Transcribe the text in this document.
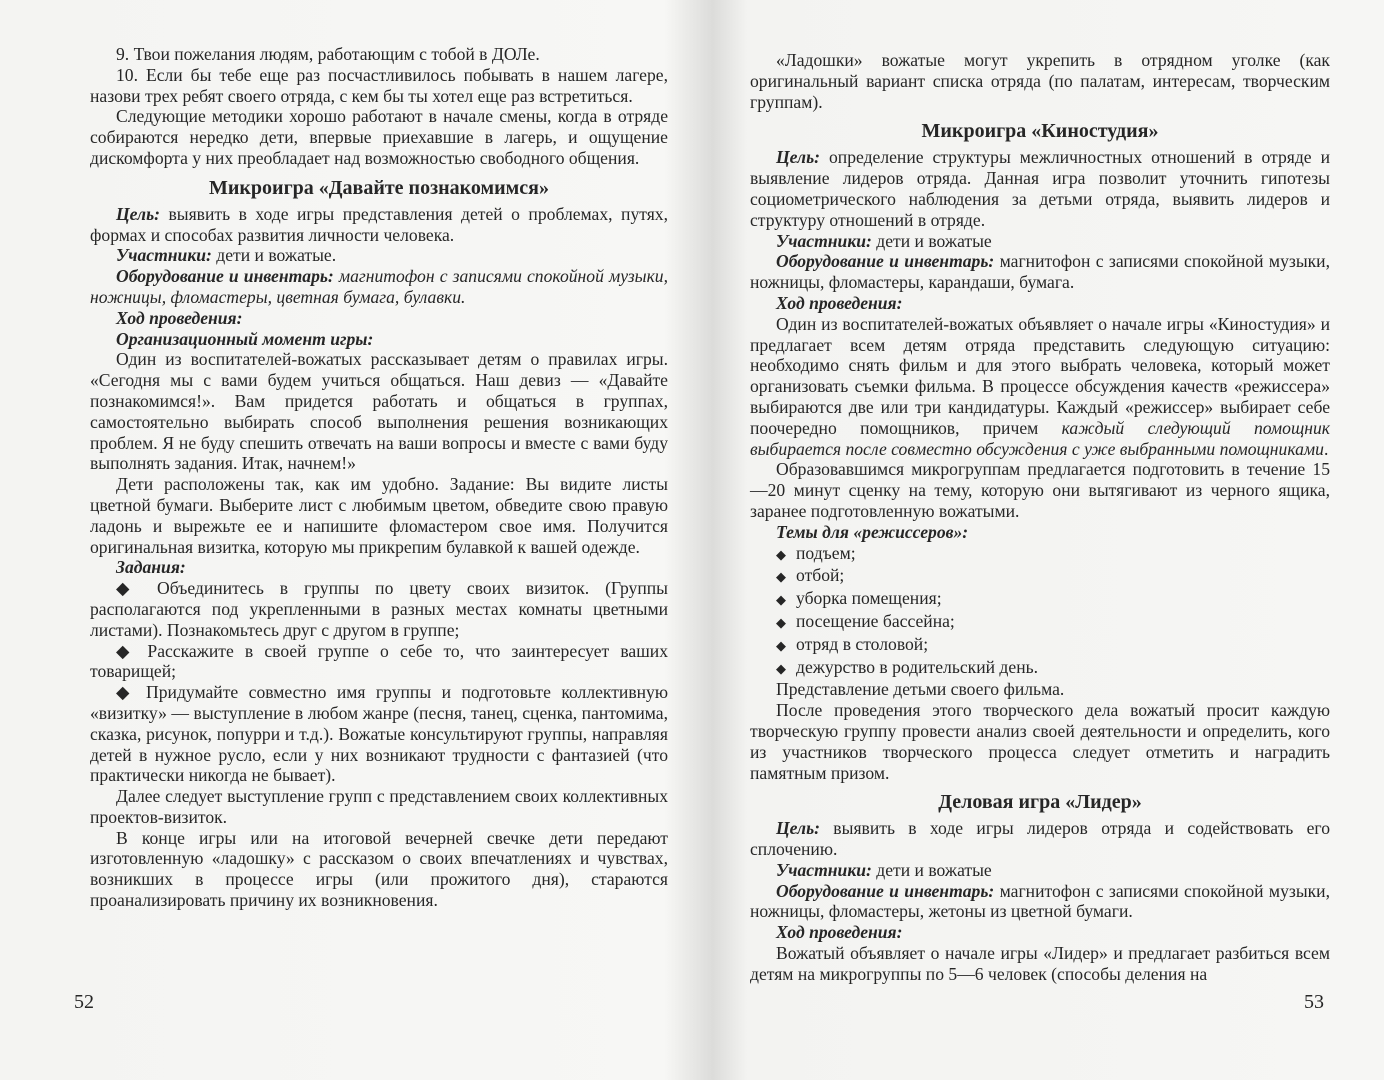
9. Твои пожелания людям, работающим с тобой в ДОЛе.

10. Если бы тебе еще раз посчастливилось побывать в нашем лагере, назови трех ребят своего отряда, с кем бы ты хотел еще раз встретиться.

Следующие методики хорошо работают в начале смены, когда в отряде собираются нередко дети, впервые приехавшие в лагерь, и ощущение дискомфорта у них преобладает над возможностью свободного общения.

Микроигра «Давайте познакомимся»

Цель: выявить в ходе игры представления детей о проблемах, путях, формах и способах развития личности человека.

Участники: дети и вожатые.

Оборудование и инвентарь: магнитофон с записями спокойной музыки, ножницы, фломастеры, цветная бумага, булавки.

Ход проведения:

Организационный момент игры:

Один из воспитателей-вожатых рассказывает детям о правилах игры. «Сегодня мы с вами будем учиться общаться. Наш девиз — «Давайте познакомимся!». Вам придется работать и общаться в группах, самостоятельно выбирать способ выполнения решения возникающих проблем. Я не буду спешить отвечать на ваши вопросы и вместе с вами буду выполнять задания. Итак, начнем!»

Дети расположены так, как им удобно. Задание: Вы видите листы цветной бумаги. Выберите лист с любимым цветом, обведите свою правую ладонь и вырежьте ее и напишите фломастером свое имя. Получится оригинальная визитка, которую мы прикрепим булавкой к вашей одежде.

Задания:

◆ Объединитесь в группы по цвету своих визиток. (Группы располагаются под укрепленными в разных местах комнаты цветными листами). Познакомьтесь друг с другом в группе;

◆ Расскажите в своей группе о себе то, что заинтересует ваших товарищей;

◆ Придумайте совместно имя группы и подготовьте коллективную «визитку» — выступление в любом жанре (песня, танец, сценка, пантомима, сказка, рисунок, попурри и т.д.). Вожатые консультируют группы, направляя детей в нужное русло, если у них возникают трудности с фантазией (что практически никогда не бывает).

Далее следует выступление групп с представлением своих коллективных проектов-визиток.

В конце игры или на итоговой вечерней свечке дети передают изготовленную «ладошку» с рассказом о своих впечатлениях и чувствах, возникших в процессе игры (или прожитого дня), стараются проанализировать причину их возникновения.

52

«Ладошки» вожатые могут укрепить в отрядном уголке (как оригинальный вариант списка отряда (по палатам, интересам, творческим группам).

Микроигра «Киностудия»

Цель: определение структуры межличностных отношений в отряде и выявление лидеров отряда. Данная игра позволит уточнить гипотезы социометрического наблюдения за детьми отряда, выявить лидеров и структуру отношений в отряде.

Участники: дети и вожатые

Оборудование и инвентарь: магнитофон с записями спокойной музыки, ножницы, фломастеры, карандаши, бумага.

Ход проведения:

Один из воспитателей-вожатых объявляет о начале игры «Киностудия» и предлагает всем детям отряда представить следующую ситуацию: необходимо снять фильм и для этого выбрать человека, который может организовать съемки фильма. В процессе обсуждения качеств «режиссера» выбираются две или три кандидатуры. Каждый «режиссер» выбирает себе поочередно помощников, причем каждый следующий помощник выбирается после совместно обсуждения с уже выбранными помощниками.

Образовавшимся микрогруппам предлагается подготовить в течение 15—20 минут сценку на тему, которую они вытягивают из черного ящика, заранее подготовленную вожатыми.

Темы для «режиссеров»:

◆ подъем;

◆ отбой;

◆ уборка помещения;

◆ посещение бассейна;

◆ отряд в столовой;

◆ дежурство в родительский день.

Представление детьми своего фильма.

После проведения этого творческого дела вожатый просит каждую творческую группу провести анализ своей деятельности и определить, кого из участников творческого процесса следует отметить и наградить памятным призом.

Деловая игра «Лидер»

Цель: выявить в ходе игры лидеров отряда и содействовать его сплочению.

Участники: дети и вожатые

Оборудование и инвентарь: магнитофон с записями спокойной музыки, ножницы, фломастеры, жетоны из цветной бумаги.

Ход проведения:

Вожатый объявляет о начале игры «Лидер» и предлагает разбиться всем детям на микрогруппы по 5—6 человек (способы деления на

53
